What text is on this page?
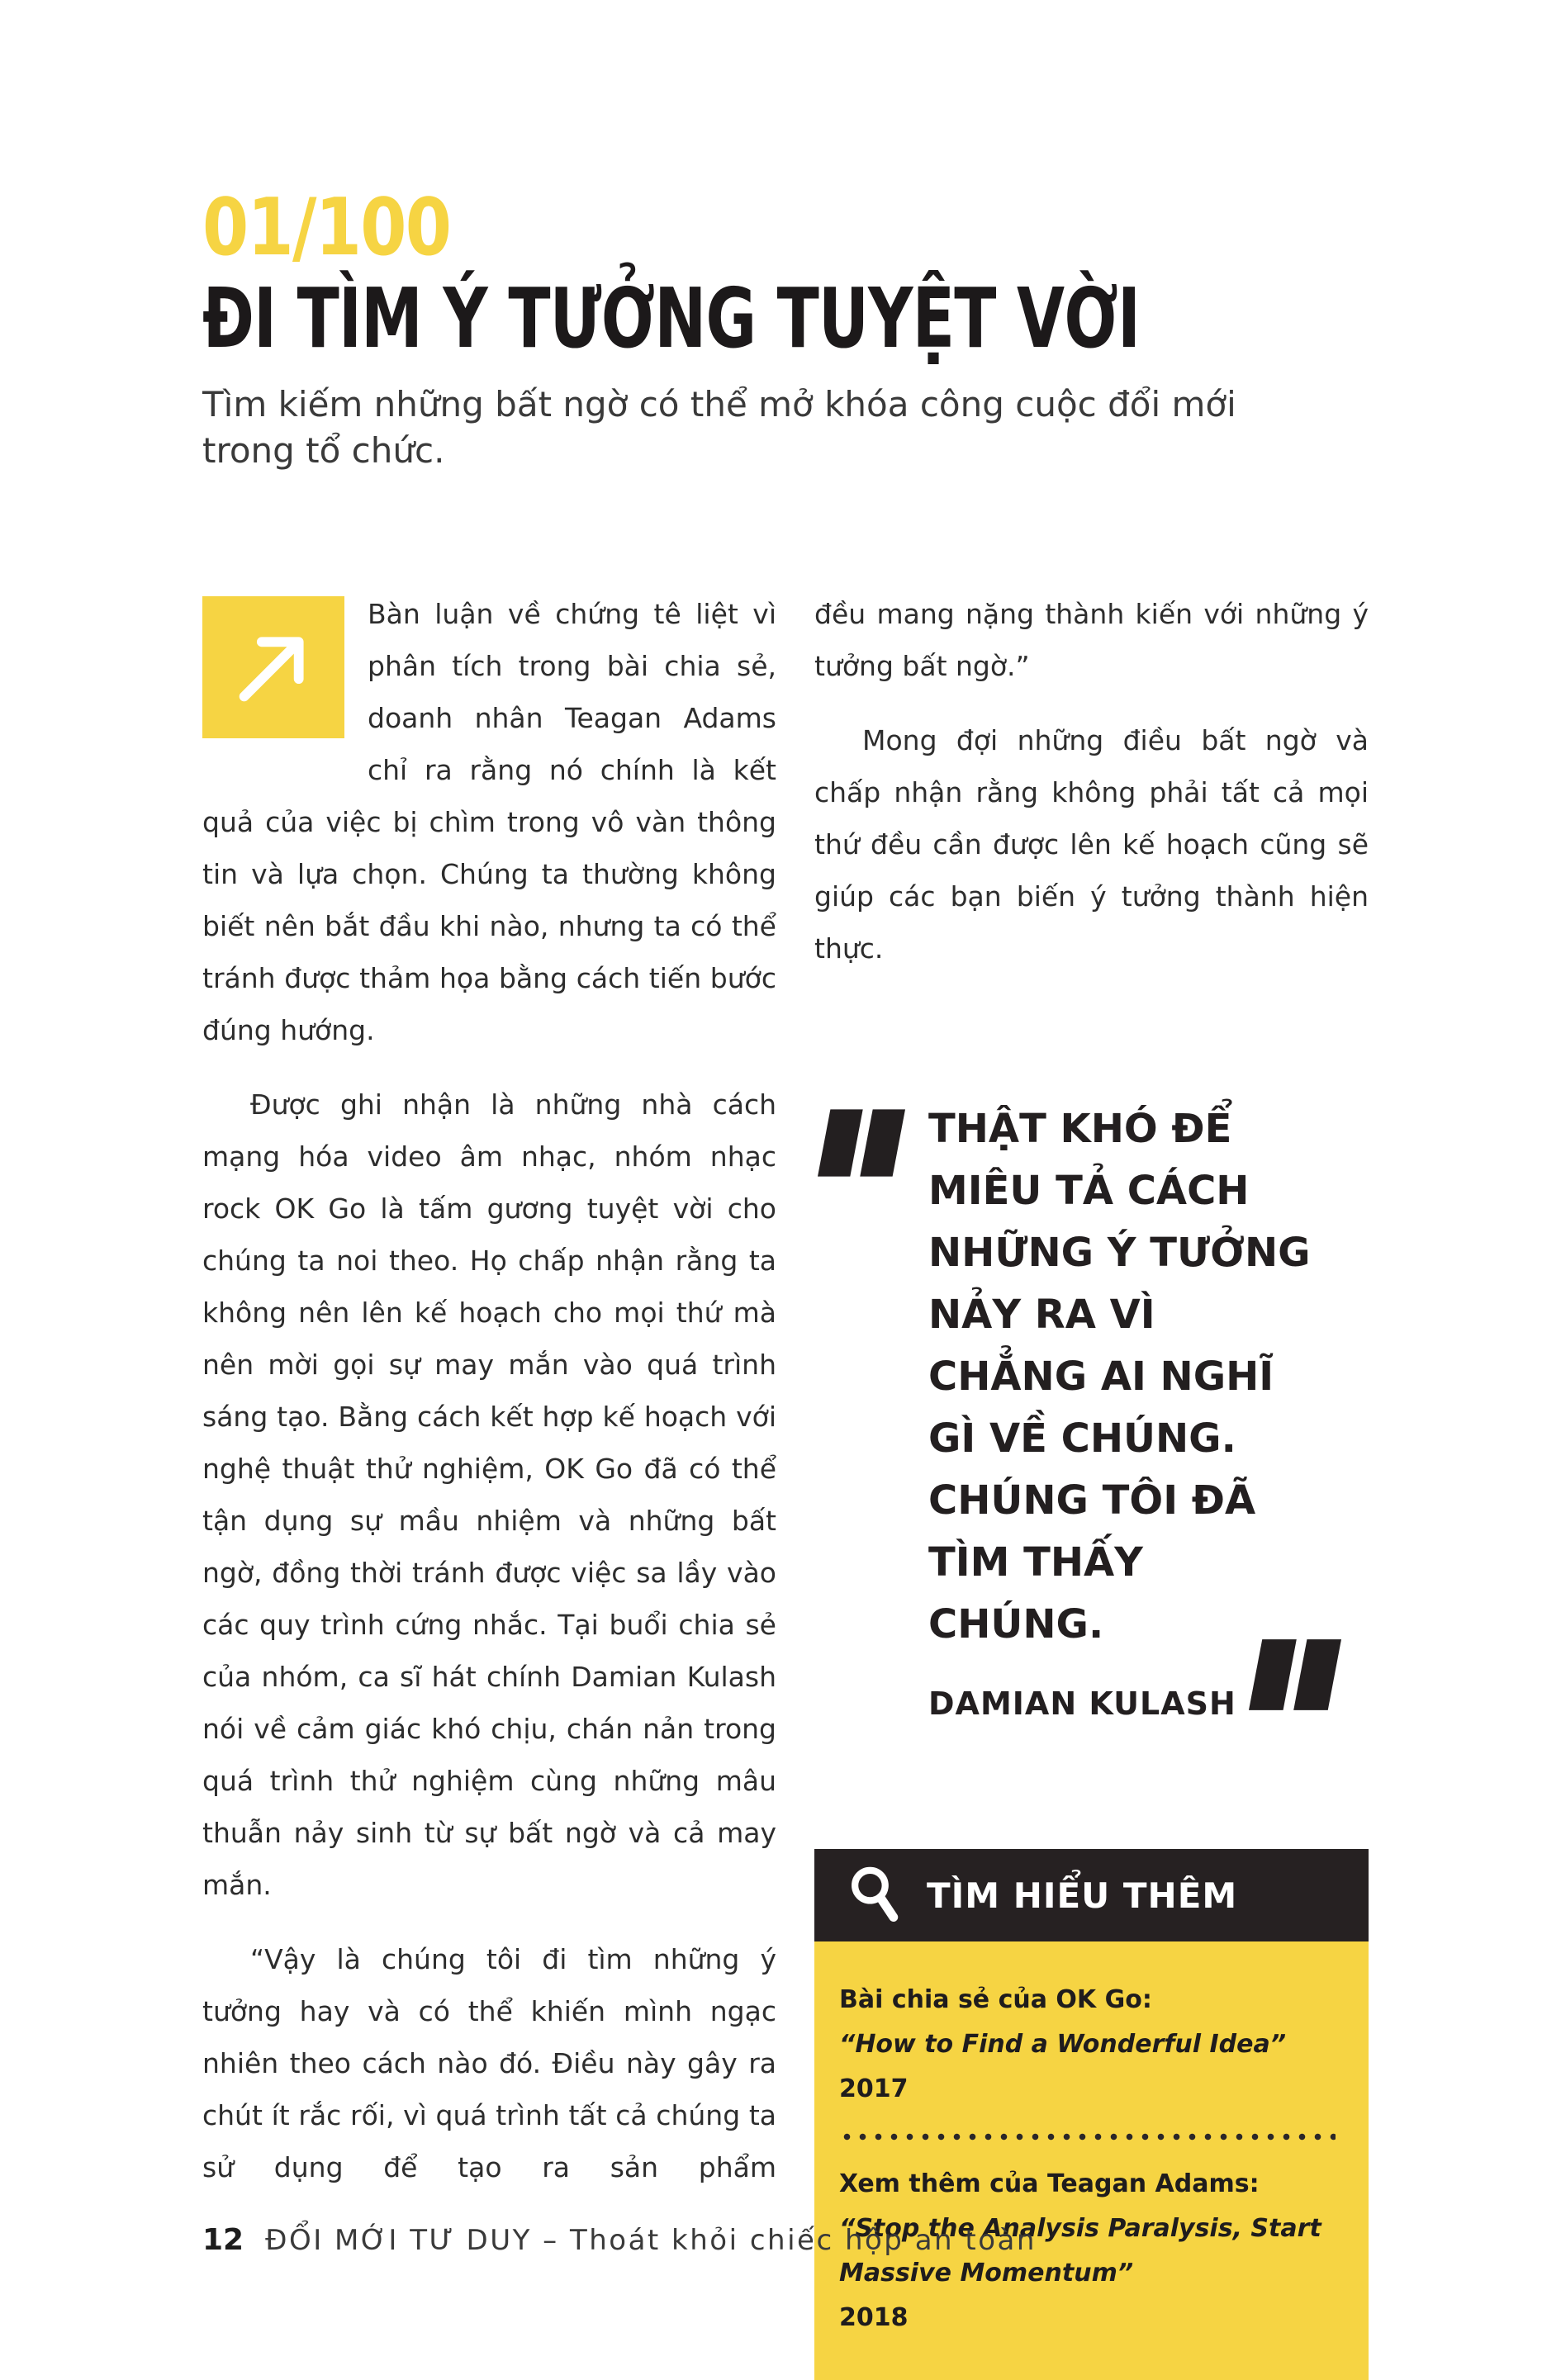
01/100 ĐI TÌM Ý TƯỞNG TUYỆT VỜI

Tìm kiếm những bất ngờ có thể mở khóa công cuộc đổi mới trong tổ chức.

Bàn luận về chứng tê liệt vì phân tích trong bài chia sẻ, doanh nhân Teagan Adams chỉ ra rằng nó chính là kết quả của việc bị chìm trong vô vàn thông tin và lựa chọn. Chúng ta thường không biết nên bắt đầu khi nào, nhưng ta có thể tránh được thảm họa bằng cách tiến bước đúng hướng.

Được ghi nhận là những nhà cách mạng hóa video âm nhạc, nhóm nhạc rock OK Go là tấm gương tuyệt vời cho chúng ta noi theo. Họ chấp nhận rằng ta không nên lên kế hoạch cho mọi thứ mà nên mời gọi sự may mắn vào quá trình sáng tạo. Bằng cách kết hợp kế hoạch với nghệ thuật thử nghiệm, OK Go đã có thể tận dụng sự mầu nhiệm và những bất ngờ, đồng thời tránh được việc sa lầy vào các quy trình cứng nhắc. Tại buổi chia sẻ của nhóm, ca sĩ hát chính Damian Kulash nói về cảm giác khó chịu, chán nản trong quá trình thử nghiệm cùng những mâu thuẫn nảy sinh từ sự bất ngờ và cả may mắn.

“Vậy là chúng tôi đi tìm những ý tưởng hay và có thể khiến mình ngạc nhiên theo cách nào đó. Điều này gây ra chút ít rắc rối, vì quá trình tất cả chúng ta sử dụng để tạo ra sản phẩm

đều mang nặng thành kiến với những ý tưởng bất ngờ.”

Mong đợi những điều bất ngờ và chấp nhận rằng không phải tất cả mọi thứ đều cần được lên kế hoạch cũng sẽ giúp các bạn biến ý tưởng thành hiện thực.

THẬT KHÓ ĐỂ MIÊU TẢ CÁCH NHỮNG Ý TƯỞNG NẢY RA VÌ CHẲNG AI NGHĨ GÌ VỀ CHÚNG. CHÚNG TÔI ĐÃ TÌM THẤY CHÚNG.
DAMIAN KULASH
TÌM HIỂU THÊM
Bài chia sẻ của OK Go:
“How to Find a Wonderful Idea”
2017
Xem thêm của Teagan Adams:
“Stop the Analysis Paralysis, Start Massive Momentum”
2018
12 ĐỔI MỚI TƯ DUY – Thoát khỏi chiếc hộp an toàn
